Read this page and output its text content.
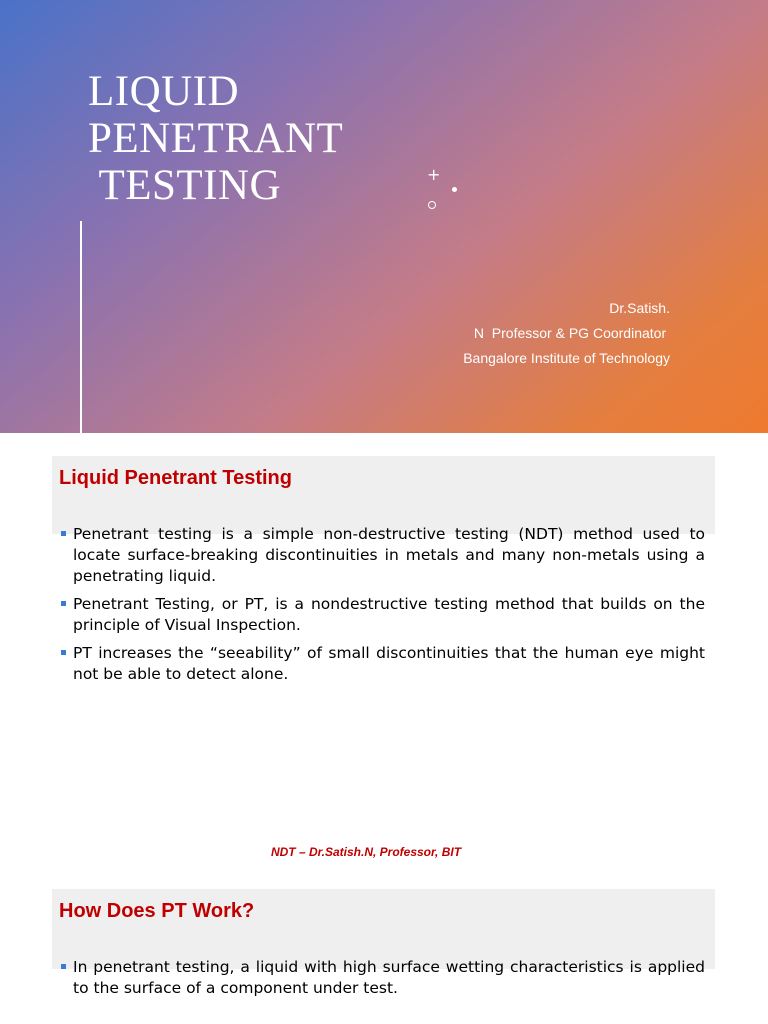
LIQUID
PENETRANT
TESTING	+
Dr.Satish.
N  Professor & PG Coordinator
Bangalore Institute of Technology
Liquid Penetrant Testing
Penetrant testing is a simple non-destructive testing (NDT) method used to locate surface-breaking discontinuities in metals and many non-metals using a penetrating liquid.
Penetrant Testing, or PT, is a nondestructive testing method that builds on the principle of Visual Inspection.
PT increases the “seeability” of small discontinuities that the human eye might not be able to detect alone.
NDT – Dr.Satish.N, Professor, BIT
How Does PT Work?
In penetrant testing, a liquid with high surface wetting characteristics is applied to the surface of a component under test.
